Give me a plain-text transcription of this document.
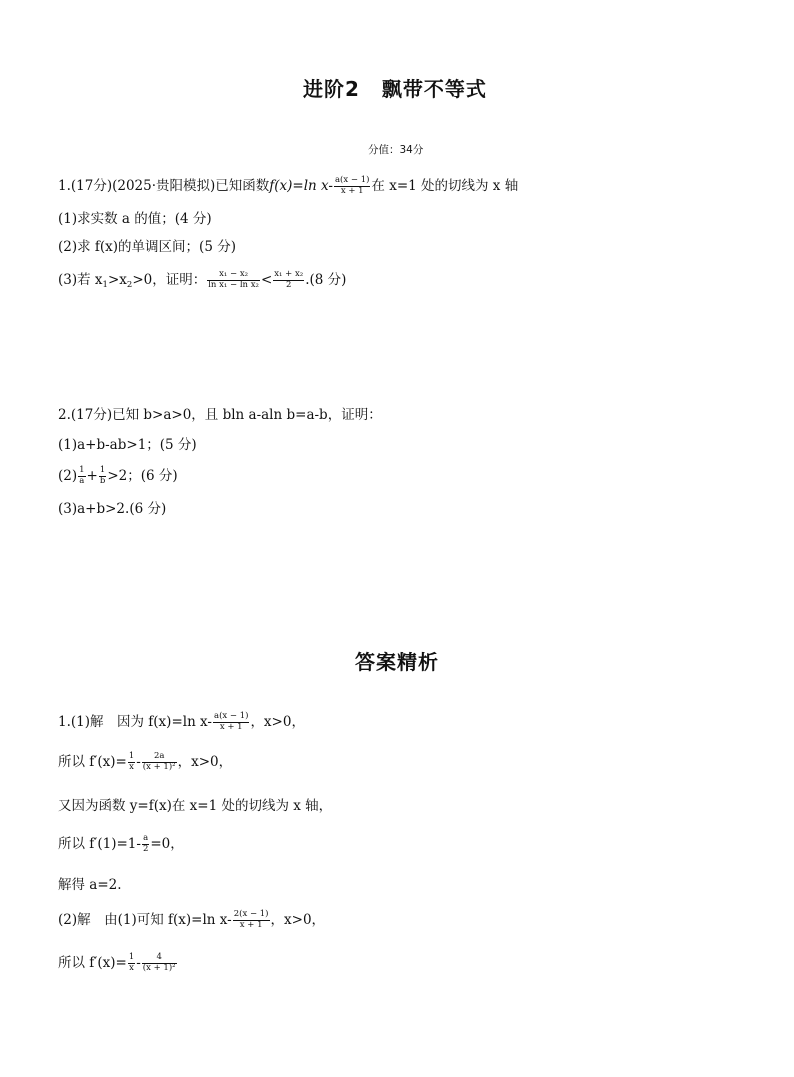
进阶2 飘带不等式
分值：34分
1.(17分)(2025·贵阳模拟)已知函数f(x)=ln $x- \frac{a(x - 1)}{x + 1}$ 在 x=1 处的切线为 x 轴
(1)求实数 a 的值；(4 分)
(2)求 f(x)的单调区间；(5 分)
(3)若 $x_1>x_2>0$，证明： $\frac{\text{x₁ − x₂}}{\text{ln x₁ − ln x₂}} < \frac{\text{x₁ + x₂}}{2} .(8$ 分)
2.(17分)已知 b>a>0，且 bln a-aln b=a-b，证明：
(1)a+b-ab>1；(5 分)
$(2) \frac{1}{a} + \frac{1}{b} >2$；(6 分)
(3)a+b>2.(6 分)
答案精析
1.(1)解　因为 f(x)=ln $x- \frac{a(x - 1)}{x + 1}$ ，x>0，
所以 $f'(x)= \frac{1}{x} - \frac{2a}{\text{(x + 1)²}}$ ，x>0，
又因为函数 y=f(x)在 x=1 处的切线为 x 轴，
所以 $f'(1)=1- \frac{a}{2} =0$，
解得 a=2.
(2)解　由(1)可知 f(x)=ln $x- \frac{2(x - 1)}{x + 1}$ ，x>0，
所以 $f'(x)= \frac{1}{x} - \frac{4}{\text{(x + 1)²}}$
